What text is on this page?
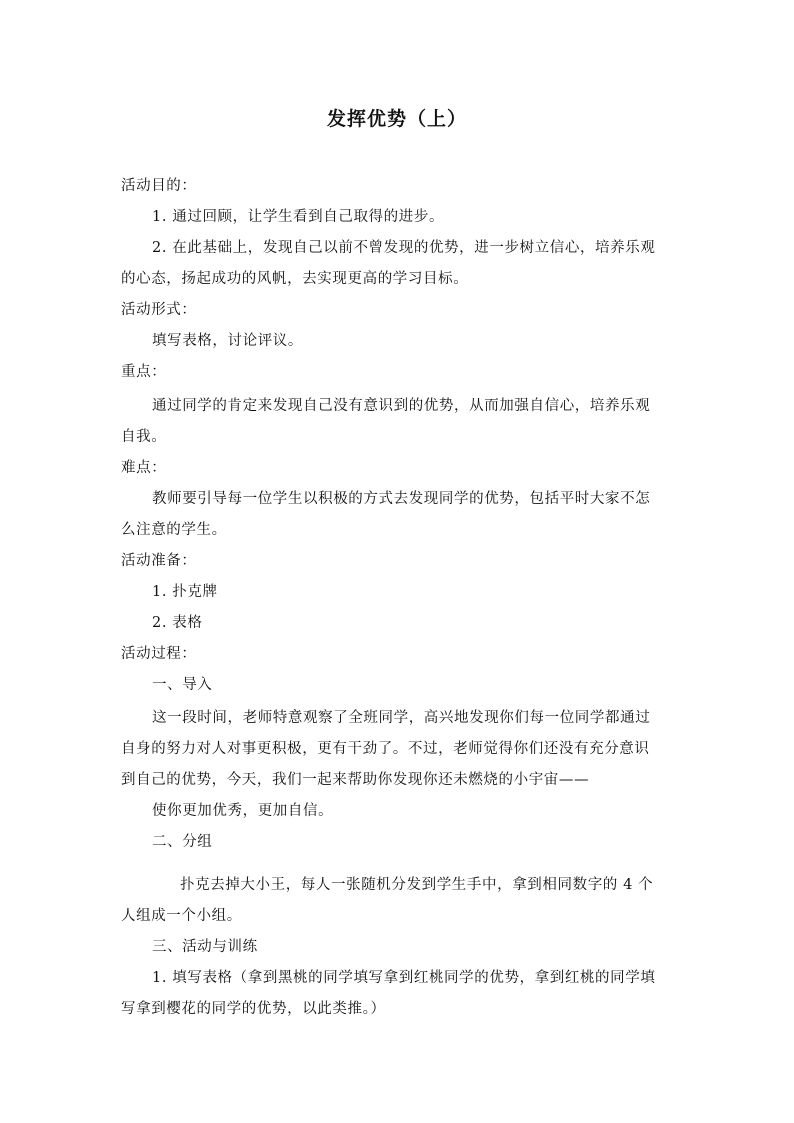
发挥优势（上）
活动目的：
1. 通过回顾，让学生看到自己取得的进步。
2. 在此基础上，发现自己以前不曾发现的优势，进一步树立信心，培养乐观
的心态，扬起成功的风帆，去实现更高的学习目标。
活动形式：
填写表格，讨论评议。
重点：
通过同学的肯定来发现自己没有意识到的优势，从而加强自信心，培养乐观
自我。
难点：
教师要引导每一位学生以积极的方式去发现同学的优势，包括平时大家不怎
么注意的学生。
活动准备：
1. 扑克牌
2. 表格
活动过程：
一、导入
这一段时间，老师特意观察了全班同学，高兴地发现你们每一位同学都通过
自身的努力对人对事更积极，更有干劲了。不过，老师觉得你们还没有充分意识
到自己的优势，今天，我们一起来帮助你发现你还未燃烧的小宇宙——
使你更加优秀，更加自信。
二、分组
扑克去掉大小王，每人一张随机分发到学生手中，拿到相同数字的 4 个
人组成一个小组。
三、活动与训练
1. 填写表格（拿到黑桃的同学填写拿到红桃同学的优势，拿到红桃的同学填
写拿到樱花的同学的优势，以此类推。）
